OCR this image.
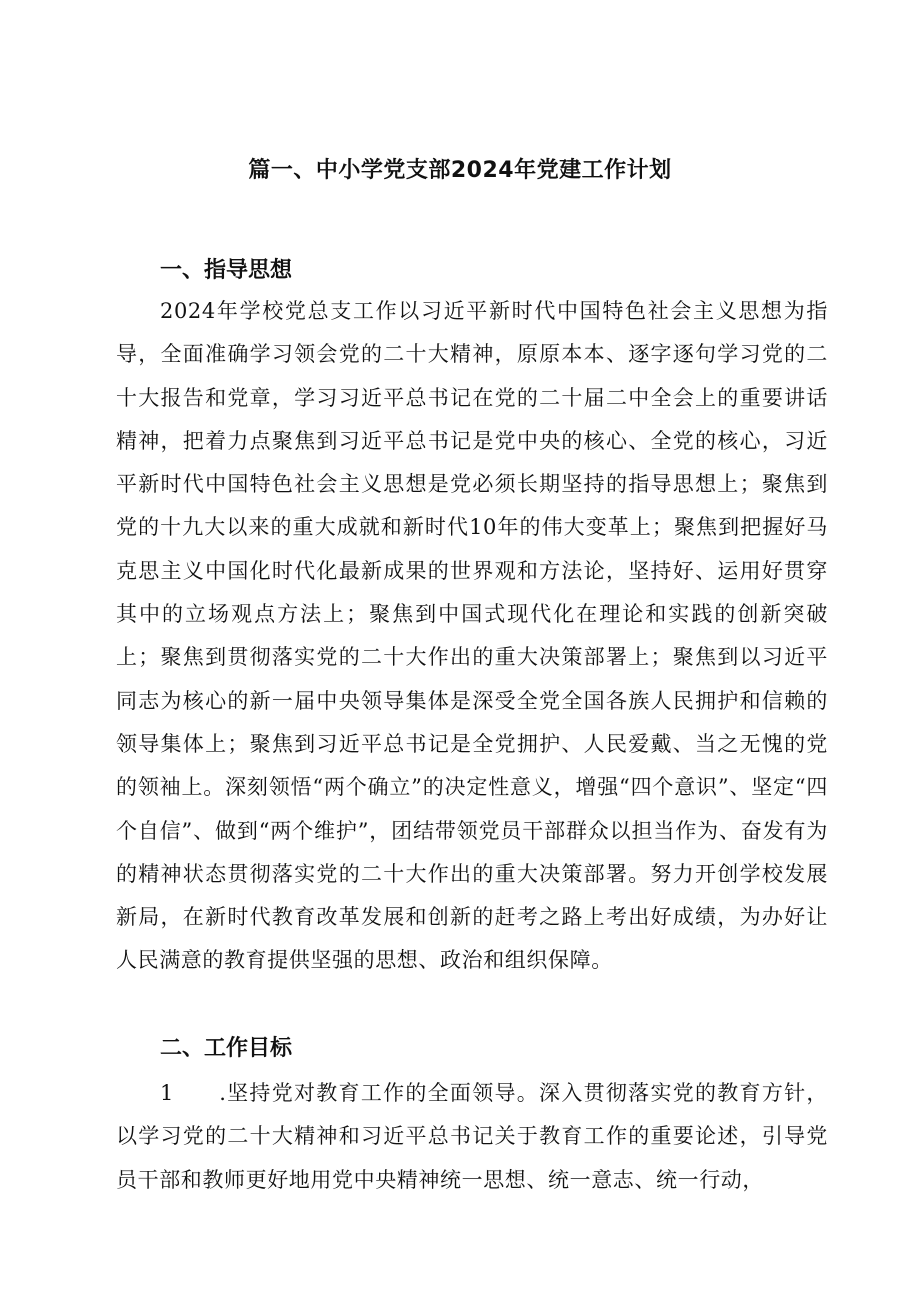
篇一、中小学党支部2024年党建工作计划
一、指导思想

2024年学校党总支工作以习近平新时代中国特色社会主义思想为指导，全面准确学习领会党的二十大精神，原原本本、逐字逐句学习党的二十大报告和党章，学习习近平总书记在党的二十届二中全会上的重要讲话精神，把着力点聚焦到习近平总书记是党中央的核心、全党的核心，习近平新时代中国特色社会主义思想是党必须长期坚持的指导思想上；聚焦到党的十九大以来的重大成就和新时代10年的伟大变革上；聚焦到把握好马克思主义中国化时代化最新成果的世界观和方法论，坚持好、运用好贯穿其中的立场观点方法上；聚焦到中国式现代化在理论和实践的创新突破上；聚焦到贯彻落实党的二十大作出的重大决策部署上；聚焦到以习近平同志为核心的新一届中央领导集体是深受全党全国各族人民拥护和信赖的领导集体上；聚焦到习近平总书记是全党拥护、人民爱戴、当之无愧的党的领袖上。深刻领悟“两个确立”的决定性意义，增强“四个意识”、坚定“四个自信”、做到“两个维护”，团结带领党员干部群众以担当作为、奋发有为的精神状态贯彻落实党的二十大作出的重大决策部署。努力开创学校发展新局，在新时代教育改革发展和创新的赶考之路上考出好成绩，为办好让人民满意的教育提供坚强的思想、政治和组织保障。

二、工作目标

1　　.坚持党对教育工作的全面领导。深入贯彻落实党的教育方针，以学习党的二十大精神和习近平总书记关于教育工作的重要论述，引导党员干部和教师更好地用党中央精神统一思想、统一意志、统一行动，
